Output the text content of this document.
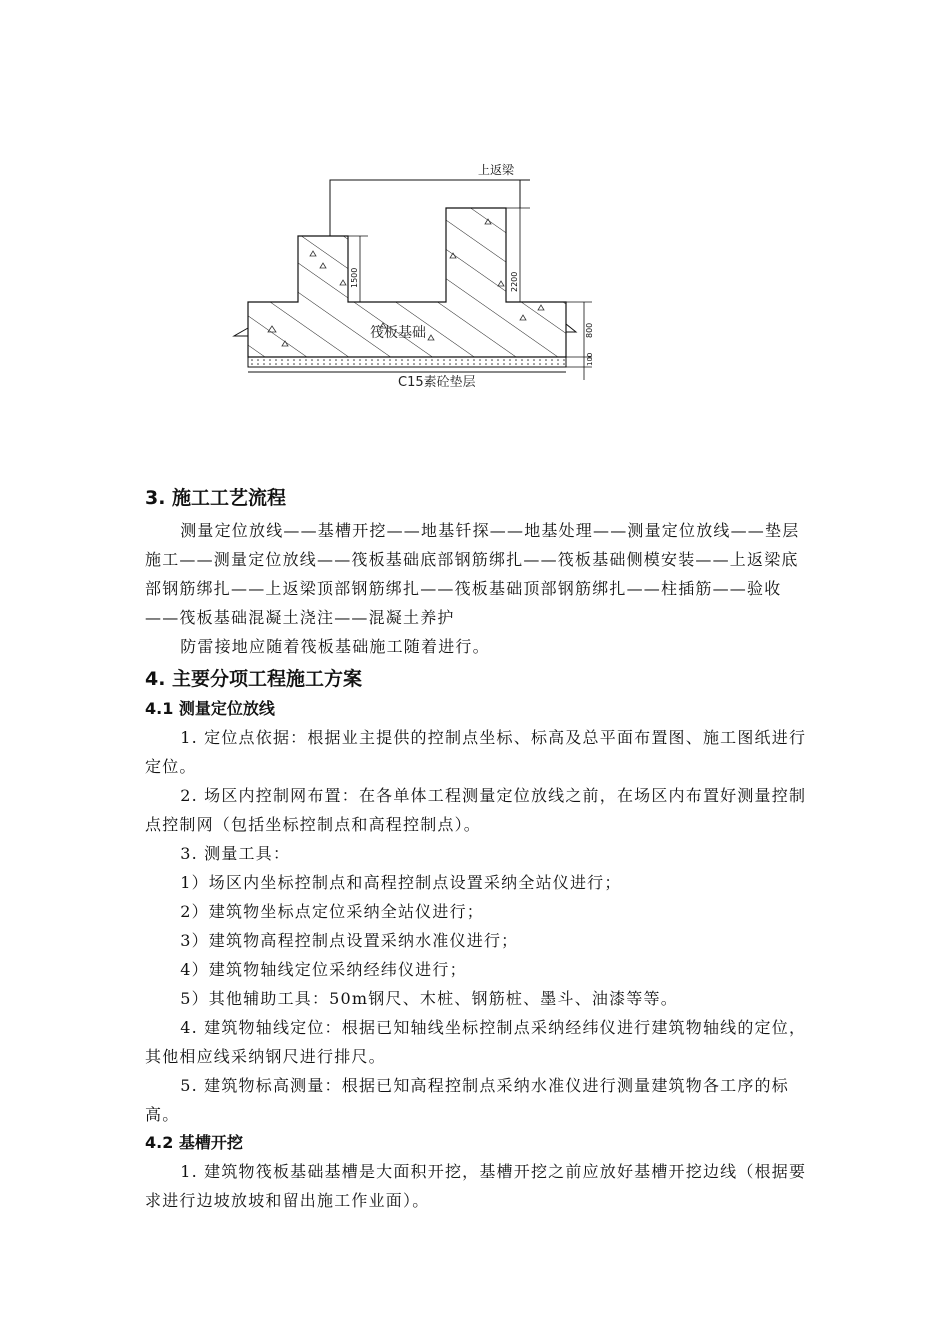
上返梁
1500	2200
800
100
筏板基础
C15素砼垫层
3. 施工工艺流程

测量定位放线——基槽开挖——地基钎探——地基处理——测量定位放线——垫层施工——测量定位放线——筏板基础底部钢筋绑扎——筏板基础侧模安装——上返梁底部钢筋绑扎——上返梁顶部钢筋绑扎——筏板基础顶部钢筋绑扎——柱插筋——验收——筏板基础混凝土浇注——混凝土养护

防雷接地应随着筏板基础施工随着进行。

4. 主要分项工程施工方案
4.1 测量定位放线

1. 定位点依据：根据业主提供的控制点坐标、标高及总平面布置图、施工图纸进行定位。

2. 场区内控制网布置：在各单体工程测量定位放线之前，在场区内布置好测量控制点控制网（包括坐标控制点和高程控制点）。

3. 测量工具：

1）场区内坐标控制点和高程控制点设置采纳全站仪进行；

2）建筑物坐标点定位采纳全站仪进行；

3）建筑物高程控制点设置采纳水准仪进行；

4）建筑物轴线定位采纳经纬仪进行；

5）其他辅助工具：50m钢尺、木桩、钢筋桩、墨斗、油漆等等。

4. 建筑物轴线定位：根据已知轴线坐标控制点采纳经纬仪进行建筑物轴线的定位，其他相应线采纳钢尺进行排尺。

5. 建筑物标高测量：根据已知高程控制点采纳水准仪进行测量建筑物各工序的标高。

4.2 基槽开挖

1. 建筑物筏板基础基槽是大面积开挖，基槽开挖之前应放好基槽开挖边线（根据要求进行边坡放坡和留出施工作业面）。
